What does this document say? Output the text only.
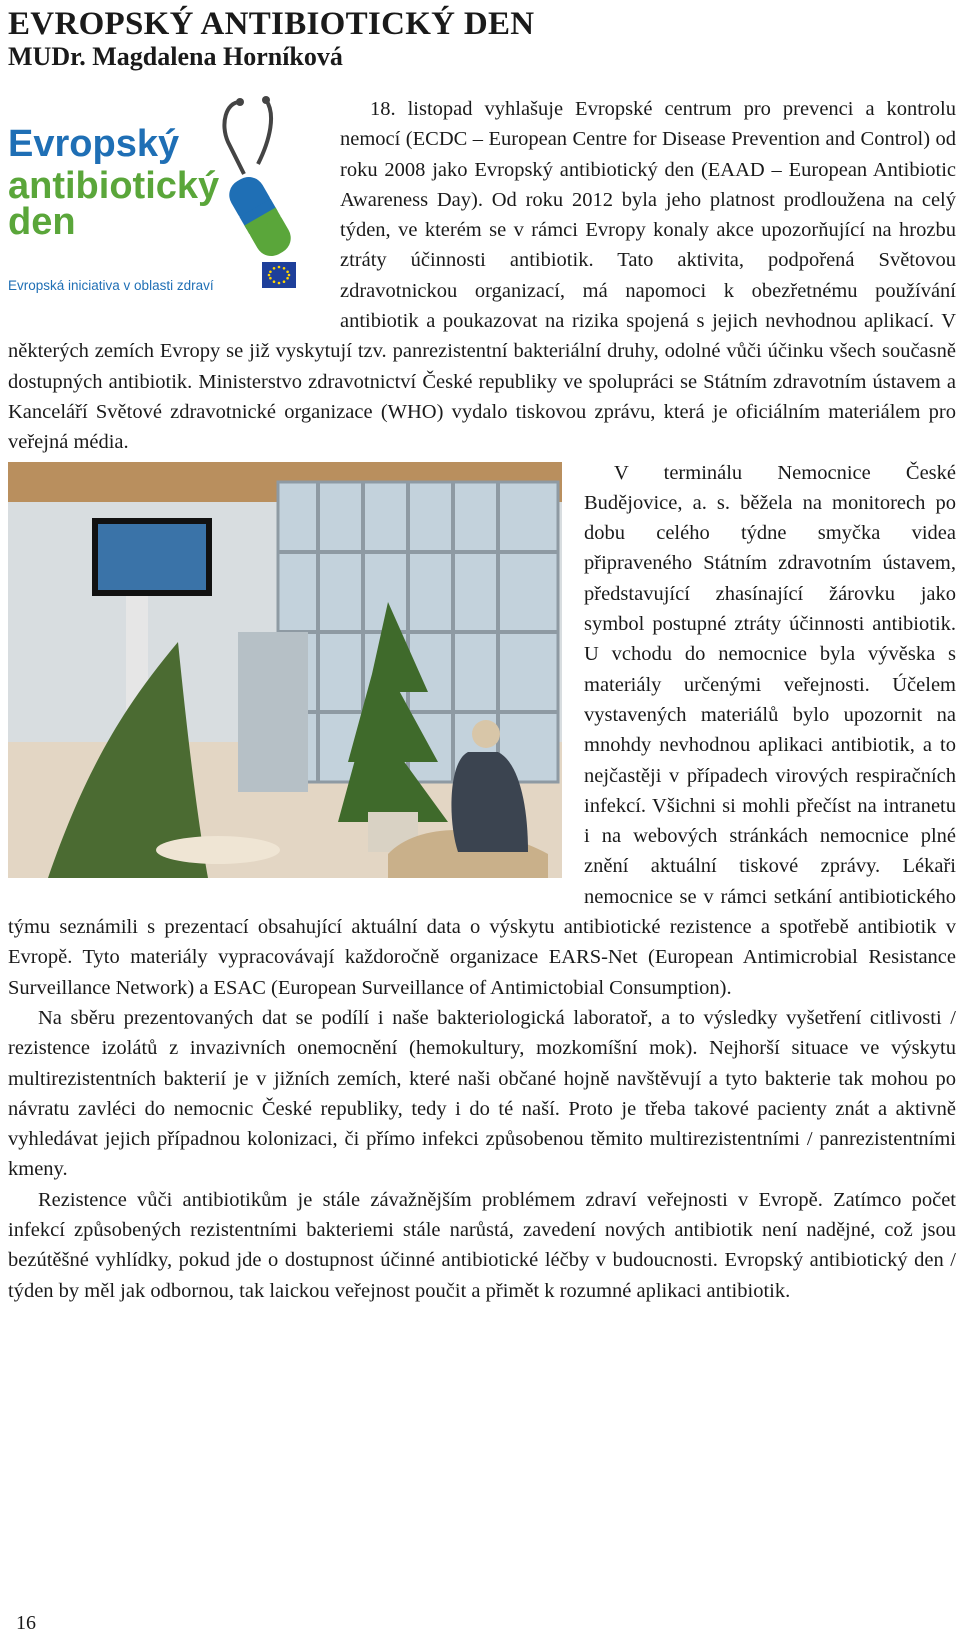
EVROPSKÝ ANTIBIOTICKÝ DEN
MUDr. Magdalena Horníková
Evropský
antibiotický
den
Evropská iniciativa v oblasti zdraví

18. listopad vyhlašuje Evropské centrum pro prevenci a kontrolu nemocí (ECDC – European Centre for Disease Prevention and Control) od roku 2008 jako Evropský antibiotický den (EAAD – European Antibiotic Awareness Day). Od roku 2012 byla jeho platnost prodloužena na celý týden, ve kterém se v rámci Evropy konaly akce upozorňující na hrozbu ztráty účinnosti antibiotik. Tato aktivita, podpořená Světovou zdravotnickou organizací, má napomoci k obezřetnému používání antibiotik a poukazovat na rizika spojená s jejich nevhodnou aplikací. V některých zemích Evropy se již vyskytují tzv. panrezistentní bakteriální druhy, odolné vůči účinku všech současně dostupných antibiotik. Ministerstvo zdravotnictví České republiky ve spolupráci se Státním zdravotním ústavem a Kanceláří Světové zdravotnické organizace (WHO) vydalo tiskovou zprávu, která je oficiálním materiálem pro veřejná média.

V terminálu Nemocnice České Budějovice, a. s. běžela na monitorech po dobu celého týdne smyčka videa připraveného Státním zdravotním ústavem, představující zhasínající žárovku jako symbol postupné ztráty účinnosti antibiotik. U vchodu do nemocnice byla vývěska s materiály určenými veřejnosti. Účelem vystavených materiálů bylo upozornit na mnohdy nevhodnou aplikaci antibiotik, a to nejčastěji v případech virových respiračních infekcí. Všichni si mohli přečíst na intranetu i na webových stránkách nemocnice plné znění aktuální tiskové zprávy. Lékaři nemocnice se v rámci setkání antibiotického týmu seznámili s prezentací obsahující aktuální data o výskytu antibiotické rezistence a spotřebě antibiotik v Evropě. Tyto materiály vypracovávají každoročně organizace EARS-Net (European Antimicrobial Resistance Surveillance Network) a ESAC (European Surveillance of Antimictobial Consumption).

Na sběru prezentovaných dat se podílí i naše bakteriologická laboratoř, a to výsledky vyšetření citlivosti / rezistence izolátů z invazivních onemocnění (hemokultury, mozkomíšní mok). Nejhorší situace ve výskytu multirezistentních bakterií je v jižních zemích, které naši občané hojně navštěvují a tyto bakterie tak mohou po návratu zavléci do nemocnic České republiky, tedy i do té naší. Proto je třeba takové pacienty znát a aktivně vyhledávat jejich případnou kolonizaci, či přímo infekci způsobenou těmito multirezistentními / panrezistentními kmeny.

Rezistence vůči antibiotikům je stále závažnějším problémem zdraví veřejnosti v Evropě. Zatímco počet infekcí způsobených rezistentními bakteriemi stále narůstá, zavedení nových antibiotik není nadějné, což jsou bezútěšné vyhlídky, pokud jde o dostupnost účinné antibiotické léčby v budoucnosti. Evropský antibiotický den / týden by měl jak odbornou, tak laickou veřejnost poučit a přimět k rozumné aplikaci antibiotik.

16
